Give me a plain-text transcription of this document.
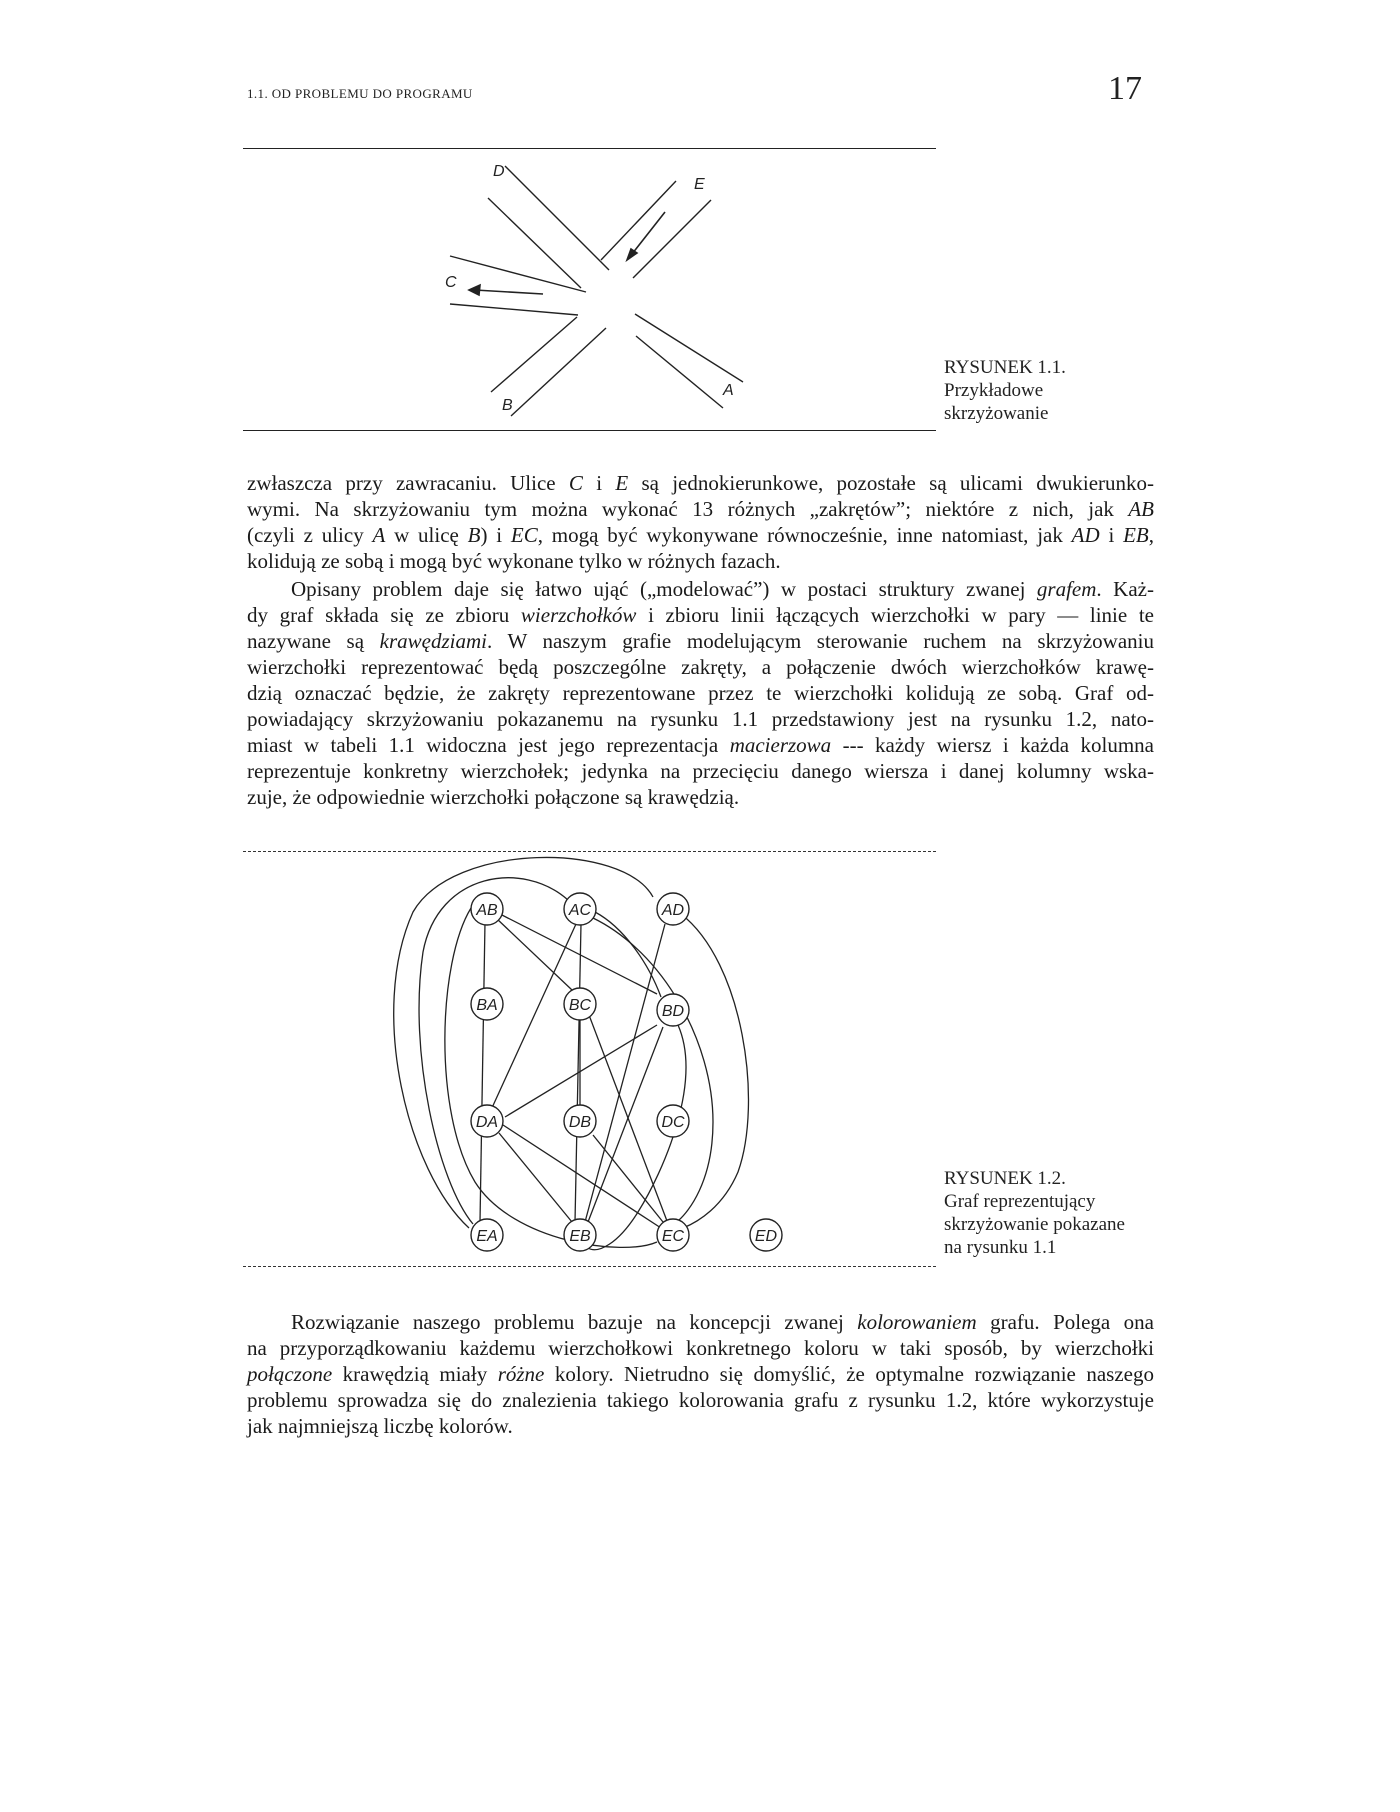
1.1. OD PROBLEMU DO PROGRAMU	17
D
E
C
B
A
RYSUNEK 1.1.
Przykładowe
skrzyżowanie
zwłaszcza przy zawracaniu. Ulice C i E są jednokierunkowe, pozostałe są ulicami dwukierunko-
wymi. Na skrzyżowaniu tym można wykonać 13 różnych „zakrętów”; niektóre z nich, jak AB
(czyli z ulicy A w ulicę B) i EC, mogą być wykonywane równocześnie, inne natomiast, jak AD i EB,
kolidują ze sobą i mogą być wykonane tylko w różnych fazach.
Opisany problem daje się łatwo ująć („modelować”) w postaci struktury zwanej grafem. Każ-
dy graf składa się ze zbioru wierzchołków i zbioru linii łączących wierzchołki w pary — linie te
nazywane są krawędziami. W naszym grafie modelującym sterowanie ruchem na skrzyżowaniu
wierzchołki reprezentować będą poszczególne zakręty, a połączenie dwóch wierzchołków krawę-
dzią oznaczać będzie, że zakręty reprezentowane przez te wierzchołki kolidują ze sobą. Graf od-
powiadający skrzyżowaniu pokazanemu na rysunku 1.1 przedstawiony jest na rysunku 1.2, nato-
miast w tabeli 1.1 widoczna jest jego reprezentacja macierzowa --- każdy wiersz i każda kolumna
reprezentuje konkretny wierzchołek; jedynka na przecięciu danego wiersza i danej kolumny wska-
zuje, że odpowiednie wierzchołki połączone są krawędzią.
AB	AC	AD
BA	BC	BD
DA	DB	DC
EA	EB	EC	ED
RYSUNEK 1.2.
Graf reprezentujący
skrzyżowanie pokazane
na rysunku 1.1
Rozwiązanie naszego problemu bazuje na koncepcji zwanej kolorowaniem grafu. Polega ona
na przyporządkowaniu każdemu wierzchołkowi konkretnego koloru w taki sposób, by wierzchołki
połączone krawędzią miały różne kolory. Nietrudno się domyślić, że optymalne rozwiązanie naszego
problemu sprowadza się do znalezienia takiego kolorowania grafu z rysunku 1.2, które wykorzystuje
jak najmniejszą liczbę kolorów.
